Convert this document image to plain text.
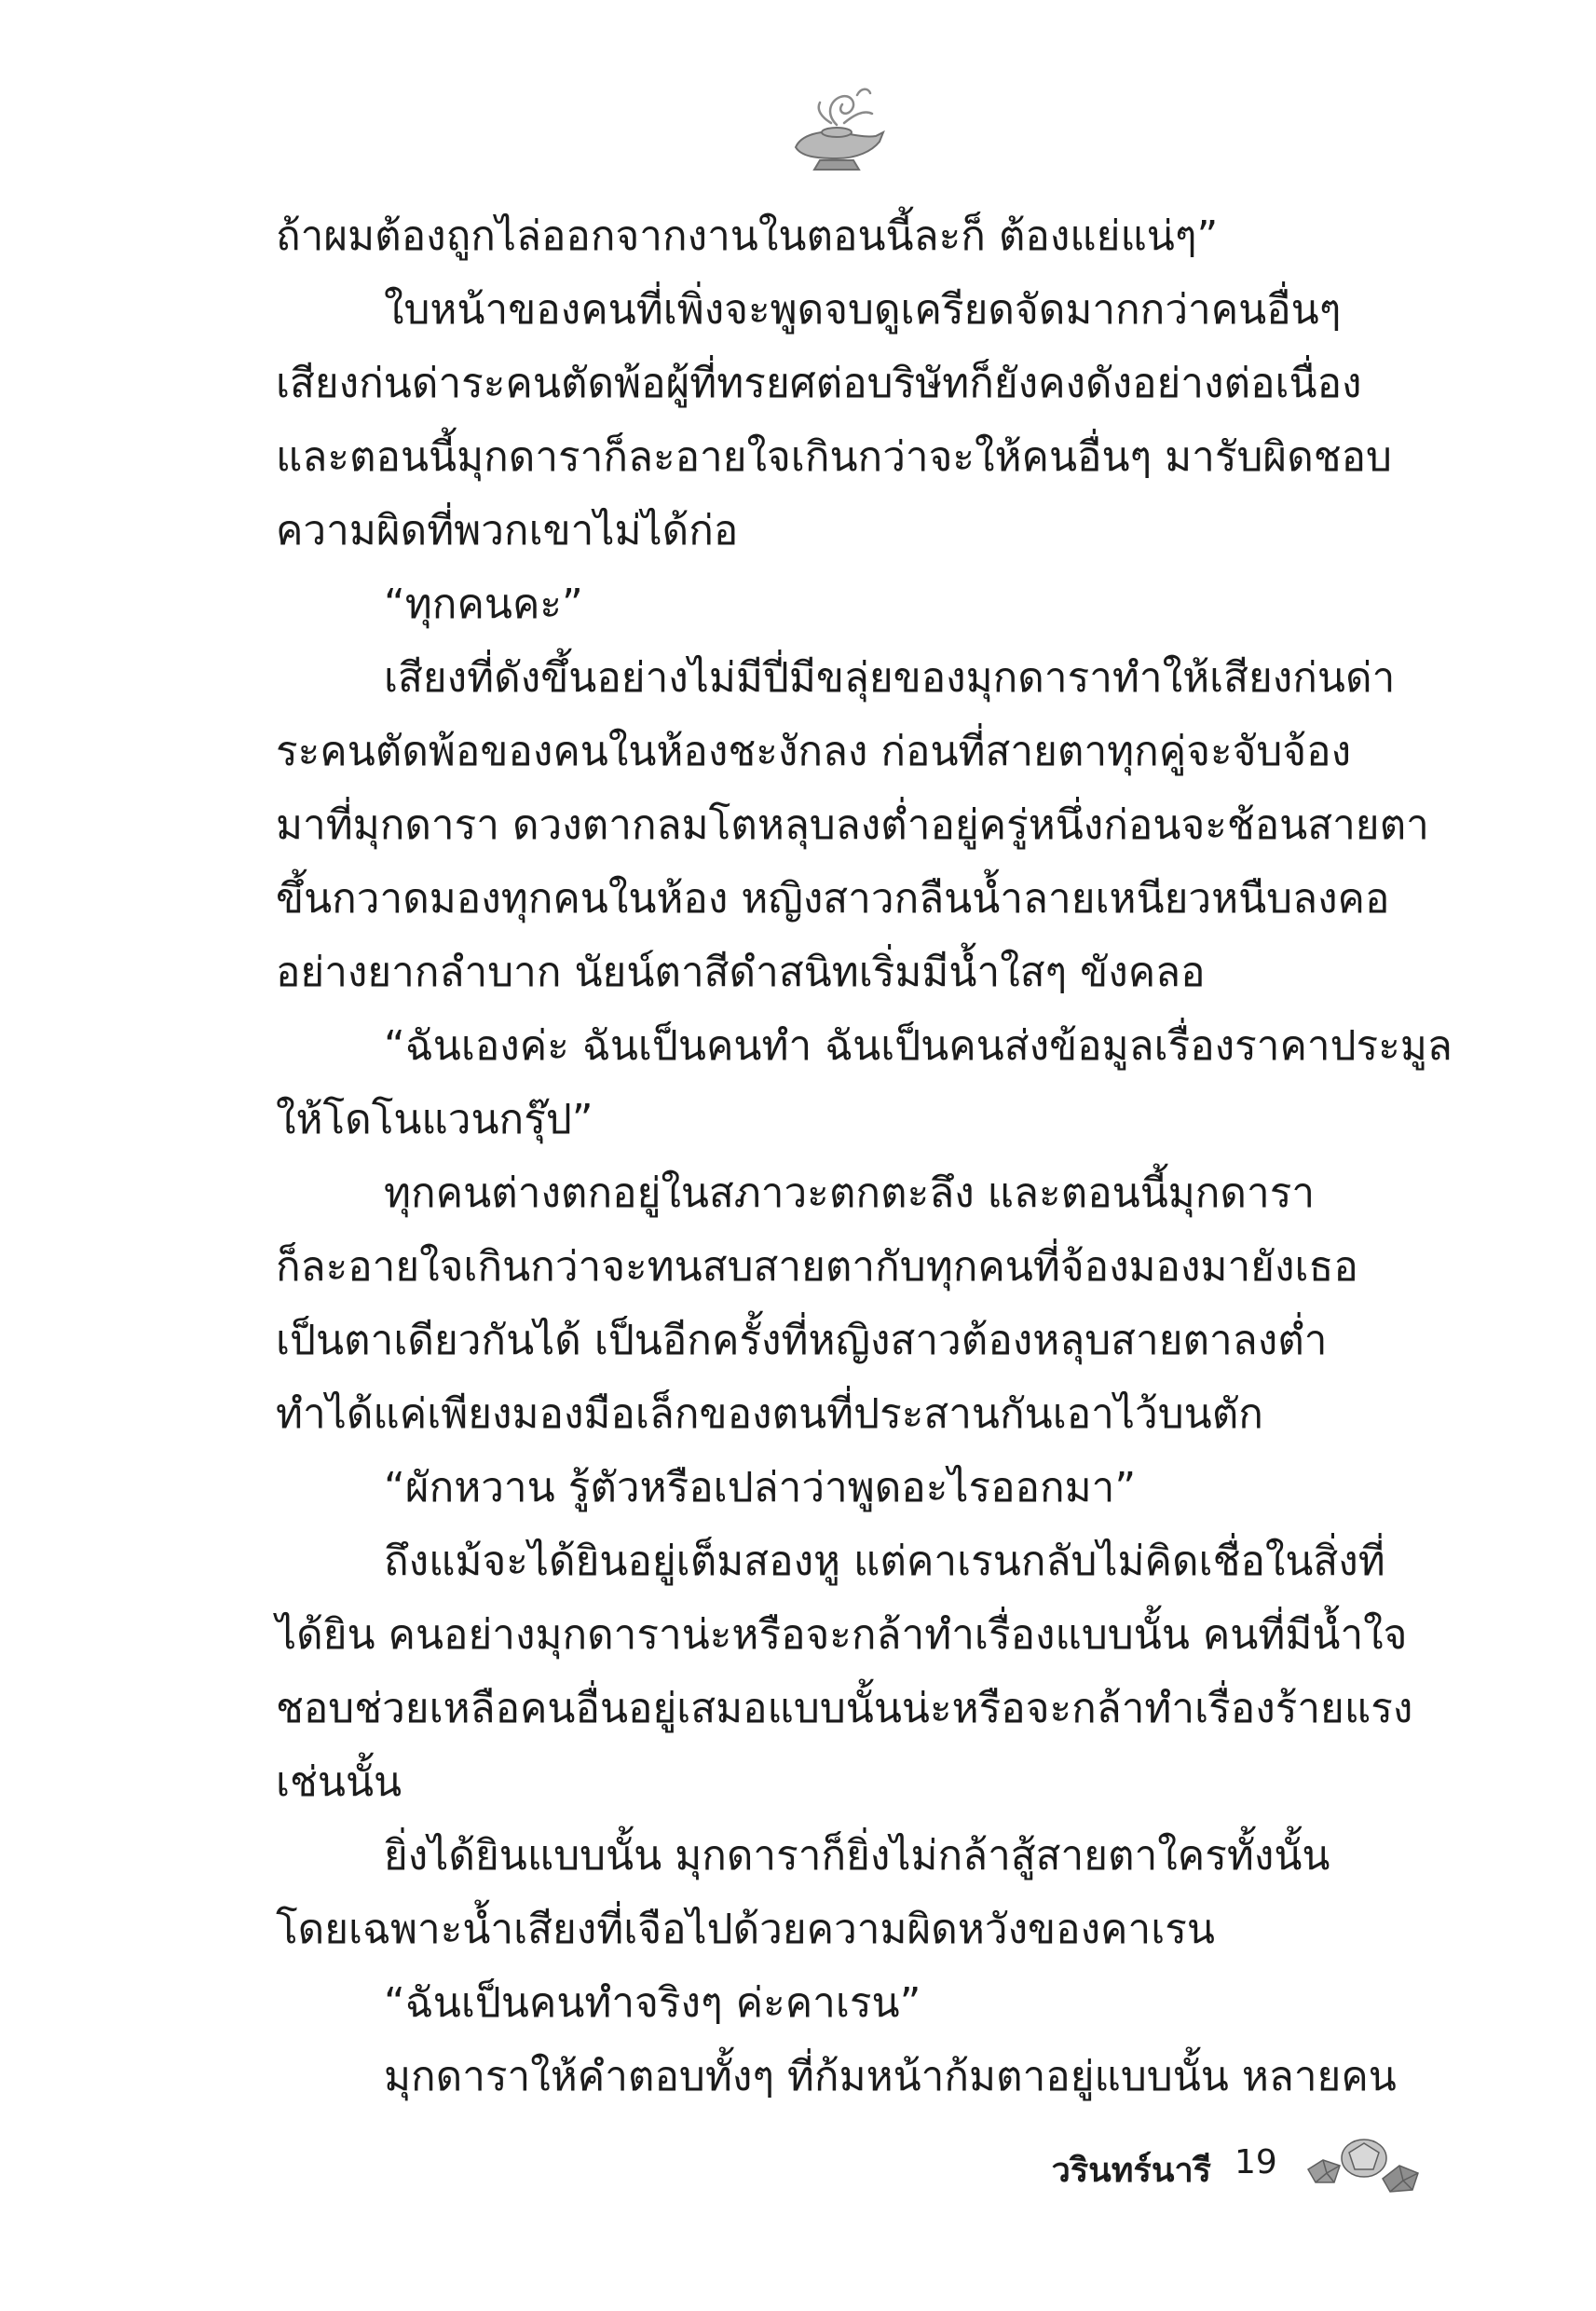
ถ้าผมต้องถูกไล่ออกจากงานในตอนนี้ละก็ ต้องแย่แน่ๆ”
ใบหน้าของคนที่เพิ่งจะพูดจบดูเครียดจัดมากกว่าคนอื่นๆ
เสียงก่นด่าระคนตัดพ้อผู้ที่ทรยศต่อบริษัทก็ยังคงดังอย่างต่อเนื่อง
และตอนนี้มุกดาราก็ละอายใจเกินกว่าจะให้คนอื่นๆ มารับผิดชอบ
ความผิดที่พวกเขาไม่ได้ก่อ
“ทุกคนคะ”
เสียงที่ดังขึ้นอย่างไม่มีปี่มีขลุ่ยของมุกดาราทำให้เสียงก่นด่า
ระคนตัดพ้อของคนในห้องชะงักลง ก่อนที่สายตาทุกคู่จะจับจ้อง
มาที่มุกดารา ดวงตากลมโตหลุบลงต่ำอยู่ครู่หนึ่งก่อนจะช้อนสายตา
ขึ้นกวาดมองทุกคนในห้อง หญิงสาวกลืนน้ำลายเหนียวหนืบลงคอ
อย่างยากลำบาก นัยน์ตาสีดำสนิทเริ่มมีน้ำใสๆ ขังคลอ
“ฉันเองค่ะ ฉันเป็นคนทำ ฉันเป็นคนส่งข้อมูลเรื่องราคาประมูล
ให้โดโนแวนกรุ๊ป”
ทุกคนต่างตกอยู่ในสภาวะตกตะลึง และตอนนี้มุกดารา
ก็ละอายใจเกินกว่าจะทนสบสายตากับทุกคนที่จ้องมองมายังเธอ
เป็นตาเดียวกันได้ เป็นอีกครั้งที่หญิงสาวต้องหลุบสายตาลงต่ำ
ทำได้แค่เพียงมองมือเล็กของตนที่ประสานกันเอาไว้บนตัก
“ผักหวาน รู้ตัวหรือเปล่าว่าพูดอะไรออกมา”
ถึงแม้จะได้ยินอยู่เต็มสองหู แต่คาเรนกลับไม่คิดเชื่อในสิ่งที่
ได้ยิน คนอย่างมุกดาราน่ะหรือจะกล้าทำเรื่องแบบนั้น คนที่มีน้ำใจ
ชอบช่วยเหลือคนอื่นอยู่เสมอแบบนั้นน่ะหรือจะกล้าทำเรื่องร้ายแรง
เช่นนั้น
ยิ่งได้ยินแบบนั้น มุกดาราก็ยิ่งไม่กล้าสู้สายตาใครทั้งนั้น
โดยเฉพาะน้ำเสียงที่เจือไปด้วยความผิดหวังของคาเรน
“ฉันเป็นคนทำจริงๆ ค่ะคาเรน”
มุกดาราให้คำตอบทั้งๆ ที่ก้มหน้าก้มตาอยู่แบบนั้น หลายคน
วรินทร์นารี 19
